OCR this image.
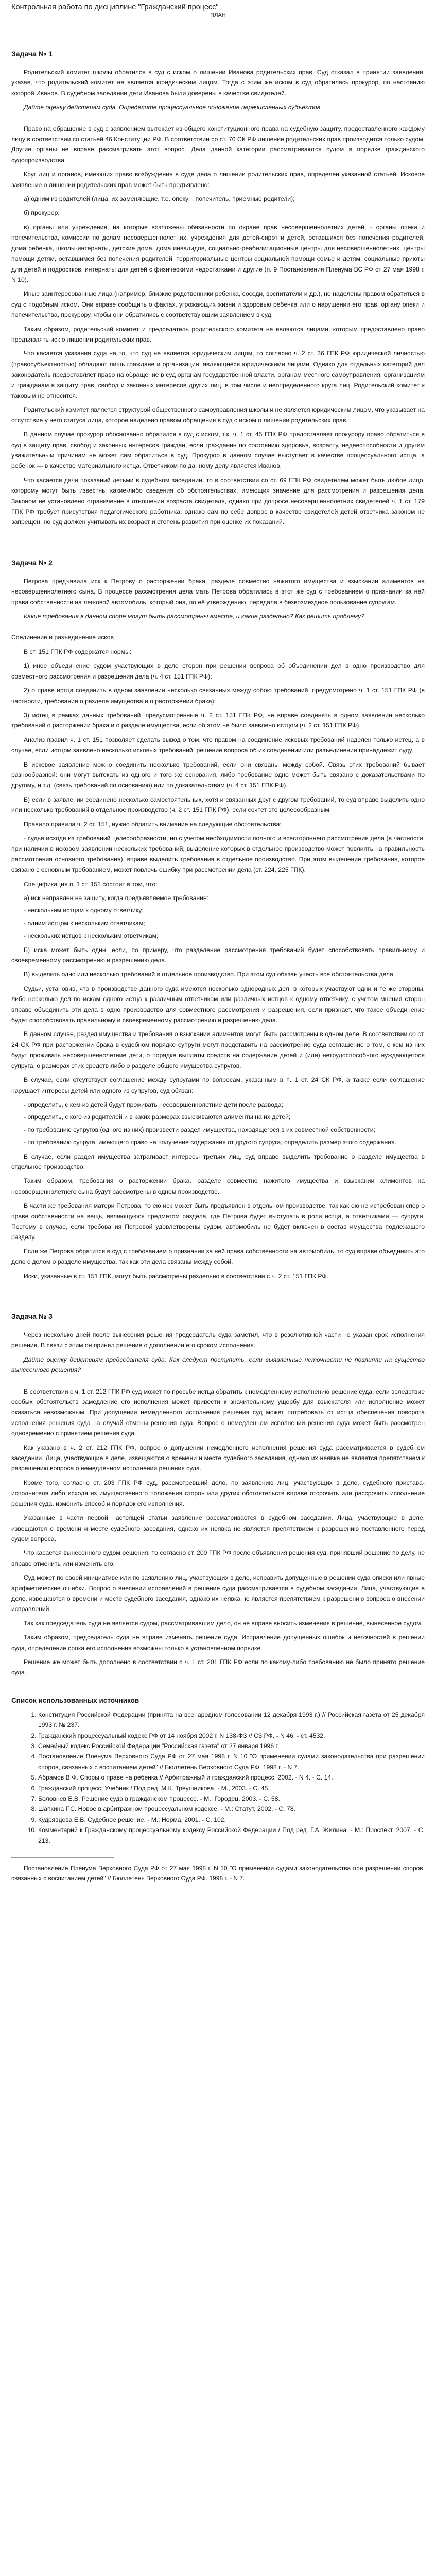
Контрольная работа по дисциплине "Гражданский процесс"
ПЛАН
Задача № 1

Родительский комитет школы обратился в суд с иском о лишении Иванова родительских прав. Суд отказал в принятии заявления, указав, что родительский комитет не является юридическим лицом. Тогда с этим же иском в суд обратилась прокурор, по настоянию которой Иванов. В судебном заседании дети Иванова были доверены в качестве свидетелей.

Дайте оценку действиям суда. Определите процессуальное положение перечисленных субъектов.

Право на обращение в суд с заявлением вытекает из общего конституционного права на судебную защиту, предоставленного каждому лицу в соответствии со статьей 46 Конституции РФ. В соответствии со ст. 70 СК РФ лишение родительских прав производится только судом. Другие органы не вправе рассматривать этот вопрос. Дела данной категории рассматриваются судом в порядке гражданского судопроизводства.

Круг лиц и органов, имеющих право возбуждения в суде дела о лишении родительских прав, определен указанной статьей. Исковое заявление о лишении родительских прав может быть предъявлено:

а) одним из родителей (лица, их заменяющие, т.е. опекун, попечитель, приемные родители);

б) прокурор;

в) органы или учреждения, на которые возложены обязанности по охране прав несовершеннолетних детей, - органы опеки и попечительства, комиссии по делам несовершеннолетних, учреждения для детей-сирот и детей, оставшихся без попечения родителей, дома ребенка, школы-интернаты, детские дома, дома инвалидов, социально-реабилитационные центры для несовершеннолетних, центры помощи детям, оставшимся без попечения родителей, территориальные центры социальной помощи семье и детям, социальные приюты для детей и подростков, интернаты для детей с физическими недостатками и другие (п. 9 Постановления Пленума ВС РФ от 27 мая 1998 г. N 10).

Иные заинтересованные лица (например, близкие родственники ребенка, соседи, воспитатели и др.), не наделены правом обратиться в суд с подобным иском. Они вправе сообщить о фактах, угрожающих жизни и здоровью ребенка или о нарушении его прав, органу опеки и попечительства, прокурору, чтобы они обратились с соответствующим заявлением в суд.

Таким образом, родительский комитет и председатель родительского комитета не являются лицами, которым предоставлено право предъявлять иск о лишении родительских прав.

Что касается указания суда на то, что суд не является юридическим лицом, то согласно ч. 2 ст. 36 ГПК РФ юридической личностью (правосубъектностью) обладают лишь граждане и организации, являющиеся юридическими лицами. Однако для отдельных категорий дел законодатель предоставляет право на обращение в суд органам государственной власти, органам местного самоуправления, организациям и гражданам в защиту прав, свобод и законных интересов других лиц, в том числе и неопределенного круга лиц. Родительский комитет к таковым не относится.

Родительский комитет является структурой общественного самоуправления школы и не является юридическим лицом, что указывает на отсутствие у него статуса лица, которое наделено правом обращения в суд с иском о лишении родительских прав.

В данном случае прокурор обоснованно обратился в суд с иском, т.к. ч. 1 ст. 45 ГПК РФ предоставляет прокурору право обратиться в суд в защиту прав, свобод и законных интересов граждан, если гражданин по состоянию здоровья, возрасту, недееспособности и другим уважительным причинам не может сам обратиться в суд. Прокурор в данном случае выступает в качестве процессуального истца, а ребенок — в качестве материального истца. Ответчиком по данному делу является Иванов.

Что касается дачи показаний детьми в судебном заседании, то в соответствии со ст. 69 ГПК РФ свидетелем может быть любое лицо, которому могут быть известны какие-либо сведения об обстоятельствах, имеющих значение для рассмотрения и разрешения дела. Законом не установлено ограничение в отношении возраста свидетеля, однако при допросе несовершеннолетних свидетелей ч. 1 ст. 179 ГПК РФ требует присутствия педагогического работника, однако сам по себе допрос в качестве свидетелей детей ответчика законом не запрещен, но суд должен учитывать их возраст и степень развития при оценке их показаний.

Задача № 2

Петрова предъявила иск к Петрову о расторжении брака, разделе совместно нажитого имущества и взыскании алиментов на несовершеннолетнего сына. В процессе рассмотрения дела мать Петрова обратилась в этот же суд с требованием о признании за ней права собственности на легковой автомобиль, который она, по её утверждению, передала в безвозмездное пользование супругам.

Какие требования в данном споре могут быть рассмотрены вместе, и какие раздельно? Как решить проблему?

Соединение и разъединение исков

В ст. 151 ГПК РФ содержатся нормы:

1) иное объединение судом участвующих в деле сторон при решении вопроса об объединении дел в одно производство для совместного рассмотрения и разрешения дела (ч. 4 ст. 151 ГПК РФ);

2) о праве истца соединить в одном заявлении несколько связанных между собою требований, предусмотрено ч. 1 ст. 151 ГПК РФ (в частности, требования о разделе имущества и о расторжении брака);

3) истец в рамках данных требований, предусмотренные ч. 2 ст. 151 ГПК РФ, не вправе соединять в одном заявлении несколько требований о расторжении брака и о разделе имущества, если об этом не было заявлено истцом (ч. 2 ст. 151 ГПК РФ).

Анализ правил ч. 1 ст. 151 позволяет сделать вывод о том, что правом на соединение исковых требований наделен только истец, а в случае, если истцом заявлено несколько исковых требований, решение вопроса об их соединении или разъединении принадлежит суду.

В исковое заявление можно соединить несколько требований, если они связаны между собой. Связь этих требований бывает разнообразной: они могут вытекать из одного и того же основания, либо требование одно может быть связано с доказательствами по другому, и т.д. (связь требований по основанию) или по доказательствам (ч. 4 ст. 151 ГПК РФ).

Б) если в заявлении соединено несколько самостоятельных, хотя и связанных друг с другом требований, то суд вправе выделить одно или несколько требований в отдельное производство (ч. 2 ст. 151 ГПК РФ), если сочтет это целесообразным.

Правило правила ч. 2 ст. 151, нужно обратить внимание на следующие обстоятельства:

- судья исходя из требований целесообразности, но с учетом необходимости полного и всестороннего рассмотрения дела (в частности, при наличии в исковом заявлении нескольких требований, выделение которых в отдельное производство может повлиять на правильность рассмотрения основного требования), вправе выделить требования в отдельное производство. При этом выделение требования, которое связано с основным требованием, может повлечь ошибку при рассмотрении дела (ст. 224, 225 ГПК).

Спецификация п. 1 ст. 151 состоит в том, что:

а) иск направлен на защиту, когда предъявляемое требование:

- нескольким истцам к одному ответчику;

- одним истцом к нескольким ответчикам;

- нескольких истцов к нескольким ответчикам;

Б) иска может быть один, если, по примеру, что разделение рассмотрения требований будет способствовать правильному и своевременному рассмотрению и разрешению дела.

В) выделить одно или несколько требований в отдельное производство. При этом суд обязан учесть все обстоятельства дела.

Судьи, установив, что в производстве данного суда имеются несколько однородных дел, в которых участвуют одни и те же стороны, либо несколько дел по искам одного истца к различным ответчикам или различных истцов к одному ответчику, с учетом мнения сторон вправе объединить эти дела в одно производство для совместного рассмотрения и разрешения, если признает, что такое объединение будет способствовать правильному и своевременному рассмотрению и разрешению дела.

В данном случае, раздел имущества и требования о взыскании алиментов могут быть рассмотрены в одном деле. В соответствии со ст. 24 СК РФ при расторжении брака в судебном порядке супруги могут представить на рассмотрение суда соглашение о том, с кем из них будут проживать несовершеннолетние дети, о порядке выплаты средств на содержание детей и (или) нетрудоспособного нуждающегося супруга, о размерах этих средств либо о разделе общего имущества супругов.

В случае, если отсутствует соглашение между супругами по вопросам, указанным в п. 1 ст. 24 СК РФ, а также если соглашение нарушает интересы детей или одного из супругов, суд обязан:

- определить, с кем из детей будут проживать несовершеннолетние дети после развода;

- определить, с кого из родителей и в каких размерах взыскиваются алименты на их детей;

- по требованию супругов (одного из них) произвести раздел имущества, находящегося в их совместной собственности;

- по требованию супруга, имеющего право на получение содержания от другого супруга, определить размер этого содержания.

В случае, если раздел имущества затрагивает интересы третьих лиц, суд вправе выделить требование о разделе имущества в отдельное производство.

Таким образом, требования о расторжении брака, разделе совместно нажитого имущества и взыскании алиментов на несовершеннолетнего сына будут рассмотрены в одном производстве.

В части же требования матери Петрова, то ею иск может быть предъявлен в отдельном производстве, так как ею не истребован спор о праве собственности на вещь, являющуюся предметом раздела, где Петрова будет выступать в роли истца, а ответчиками — супруги. Поэтому в случае, если требования Петровой удовлетворены судом, автомобиль не будет включен в состав имущества подлежащего разделу.

Если же Петрова обратится в суд с требованием о признании за ней права собственности на автомобиль, то суд вправе объединить это дело с делом о разделе имущества, так как эти дела связаны между собой.

Иски, указанные в ст. 151 ГПК, могут быть рассмотрены раздельно в соответствии с ч. 2 ст. 151 ГПК РФ.

Задача № 3

Через несколько дней после вынесения решения председатель суда заметил, что в резолютивной части не указан срок исполнения решения. В связи с этим он принял решение о дополнении его сроком исполнения.

Дайте оценку действиям председателя суда. Как следует поступить, если выявленные неточности не повлияли на существо вынесенного решения?

В соответствии с ч. 1 ст. 212 ГПК РФ суд может по просьбе истца обратить к немедленному исполнению решение суда, если вследствие особых обстоятельств замедление его исполнения может привести к значительному ущербу для взыскателя или исполнение может оказаться невозможным. При допущении немедленного исполнения решения суд может потребовать от истца обеспечения поворота исполнения решения суда на случай отмены решения суда. Вопрос о немедленном исполнении решения суда может быть рассмотрен одновременно с принятием решения суда.

Как указано в ч. 2 ст. 212 ГПК РФ, вопрос о допущении немедленного исполнения решения суда рассматривается в судебном заседании. Лица, участвующие в деле, извещаются о времени и месте судебного заседания, однако их неявка не является препятствием к разрешению вопроса о немедленном исполнении решения суда.

Кроме того, согласно ст. 203 ГПК РФ суд, рассмотревший дело, по заявлению лиц, участвующих в деле, судебного пристава-исполнителя либо исходя из имущественного положения сторон или других обстоятельств вправе отсрочить или рассрочить исполнение решения суда, изменить способ и порядок его исполнения.

Указанные в части первой настоящей статьи заявление рассматривается в судебном заседании. Лица, участвующие в деле, извещаются о времени и месте судебного заседания, однако их неявка не является препятствием к разрешению поставленного перед судом вопроса.

Что касается вынесенного судом решения, то согласно ст. 200 ГПК РФ после объявления решения суд, принявший решение по делу, не вправе отменить или изменить его.

Суд может по своей инициативе или по заявлению лиц, участвующих в деле, исправить допущенные в решении суда описки или явные арифметические ошибки. Вопрос о внесении исправлений в решение суда рассматривается в судебном заседании. Лица, участвующие в деле, извещаются о времени и месте судебного заседания, однако их неявка не является препятствием к разрешению вопроса о внесении исправлений.

Так как председатель суда не является судом, рассматривавшим дело, он не вправе вносить изменения в решение, вынесенное судом.

Таким образом, председатель суда не вправе изменять решение суда. Исправление допущенных ошибок и неточностей в решении суда, определение срока его исполнения возможны только в установленном порядке.

Решение же может быть дополнено в соответствии с ч. 1 ст. 201 ГПК РФ если по какому-либо требованию не было принято решение суда.

Список использованных источников
1. Конституция Российской Федерации (принята на всенародном голосовании 12 декабря 1993 г.) // Российская газета от 25 декабря 1993 г. № 237.
2. Гражданский процессуальный кодекс РФ от 14 ноября 2002 г. N 138-ФЗ // СЗ РФ. - N 46. - ст. 4532.
3. Семейный кодекс Российской Федерации "Российская газета" от 27 января 1996 г.
4. Постановление Пленума Верховного Суда РФ от 27 мая 1998 г. N 10 "О применении судами законодательства при разрешении споров, связанных с воспитанием детей" // Бюллетень Верховного Суда РФ. 1998 г. - N 7.
5. Абрамов В.Ф. Споры о праве на ребенка // Арбитражный и гражданский процесс. 2002. - N 4. - С. 14.
6. Гражданский процесс: Учебник / Под ред. М.К. Треушникова. - М., 2003. - С. 45.
7. Боловнев Е.В. Решение суда в гражданском процессе. - М.: Городец, 2003. - С. 58.
8. Шапкина Г.С. Новое в арбитражном процессуальном кодексе. - М.: Статут, 2002. - С. 78.
9. Кудрявцева Е.В. Судебное решение. - М.: Норма, 2001. - С. 102.
10. Комментарий к Гражданскому процессуальному кодексу Российской Федерации / Под ред. Г.А. Жилина. - М.: Проспект, 2007. - С. 213.

Постановление Пленума Верховного Суда РФ от 27 мая 1998 г. N 10 "О применении судами законодательства при разрешении споров, связанных с воспитанием детей" // Бюллетень Верховного Суда РФ. 1998 г. - N 7.
